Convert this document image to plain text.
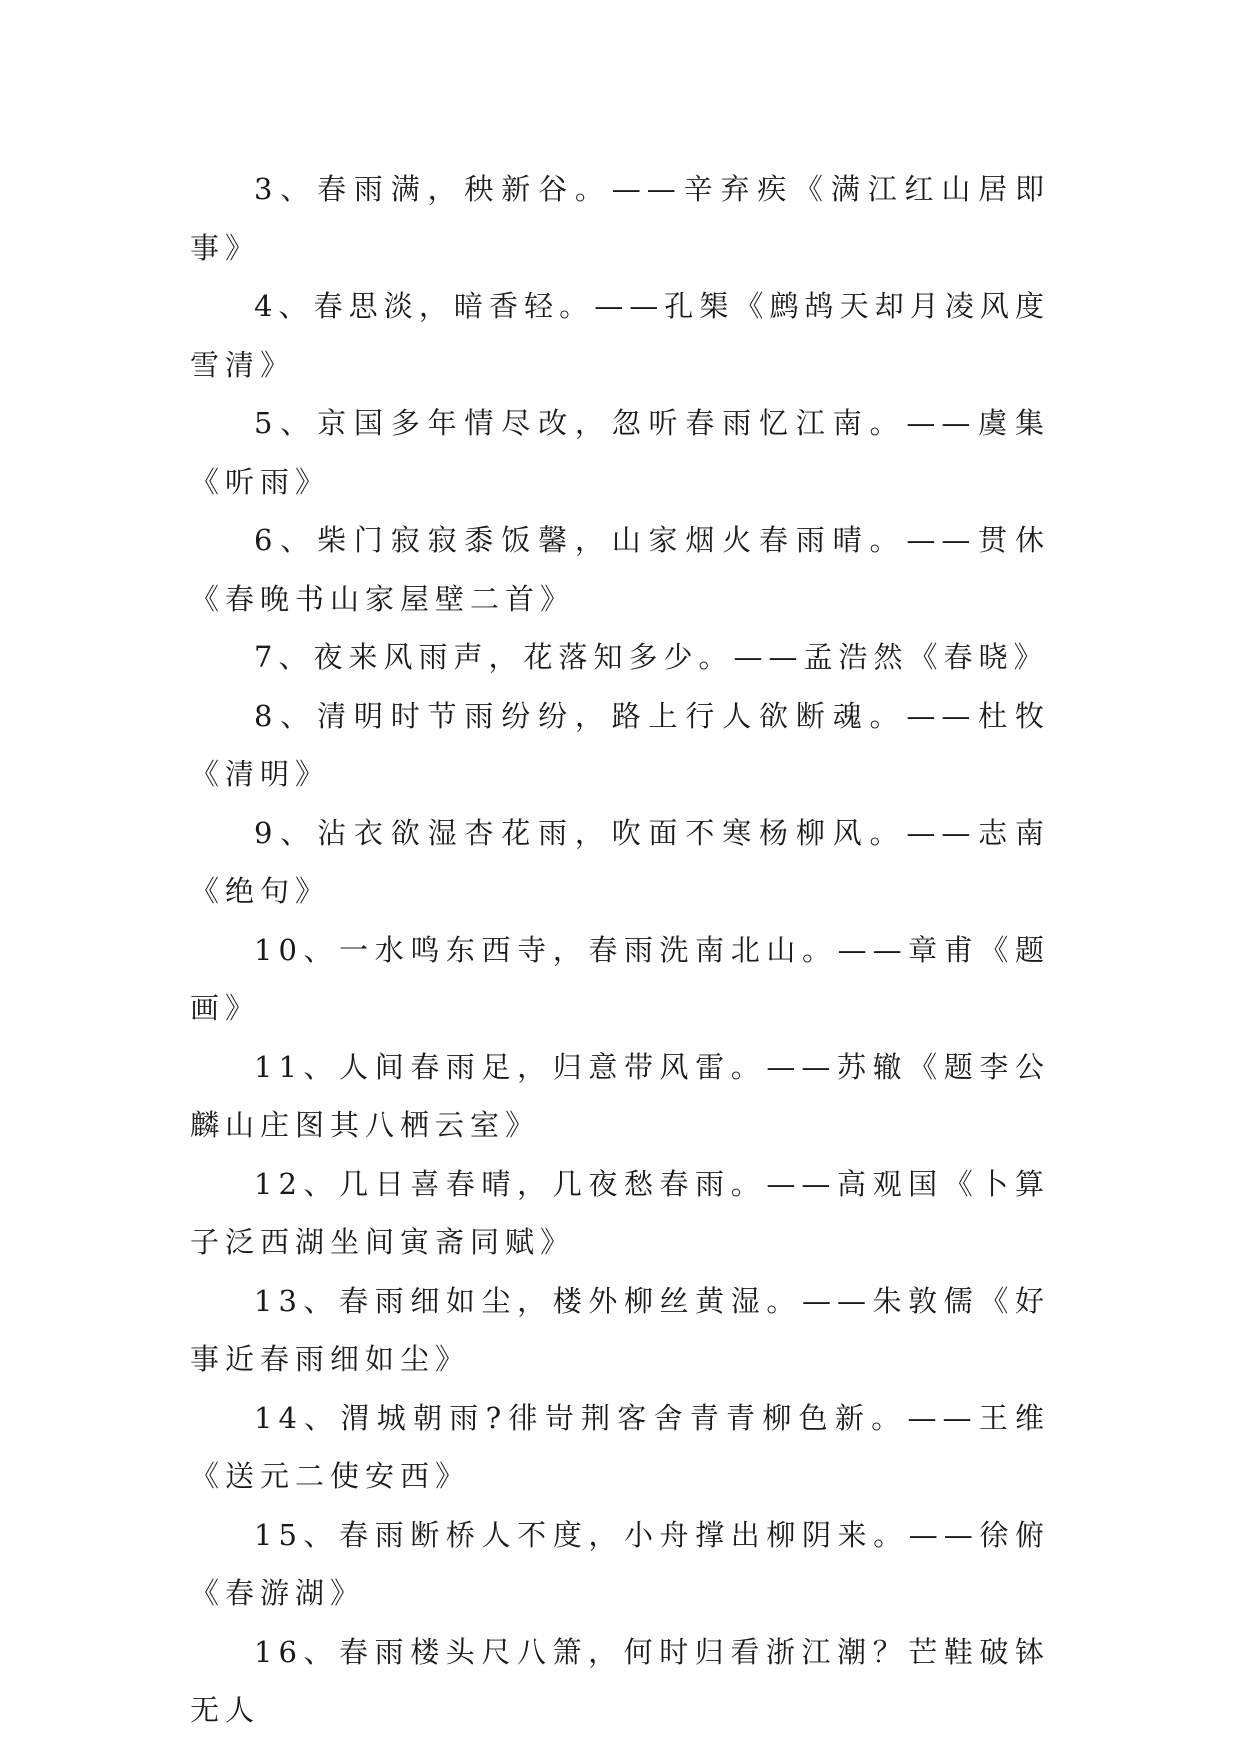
3、春雨满，秧新谷。——辛弃疾《满江红山居即事》

4、春思淡，暗香轻。——孔榘《鹧鸪天却月凌风度雪清》

5、京国多年情尽改，忽听春雨忆江南。——虞集《听雨》

6、柴门寂寂黍饭馨，山家烟火春雨晴。——贯休《春晚书山家屋壁二首》

7、夜来风雨声，花落知多少。——孟浩然《春晓》

8、清明时节雨纷纷，路上行人欲断魂。——杜牧《清明》

9、沾衣欲湿杏花雨，吹面不寒杨柳风。——志南《绝句》

10、一水鸣东西寺，春雨洗南北山。——章甫《题画》

11、人间春雨足，归意带风雷。——苏辙《题李公麟山庄图其八栖云室》

12、几日喜春晴，几夜愁春雨。——高观国《卜算子泛西湖坐间寅斋同赋》

13、春雨细如尘，楼外柳丝黄湿。——朱敦儒《好事近春雨细如尘》

14、渭城朝雨?徘岢荆客舍青青柳色新。——王维《送元二使安西》

15、春雨断桥人不度，小舟撑出柳阴来。——徐俯《春游湖》

16、春雨楼头尺八箫，何时归看浙江潮？芒鞋破钵无人
